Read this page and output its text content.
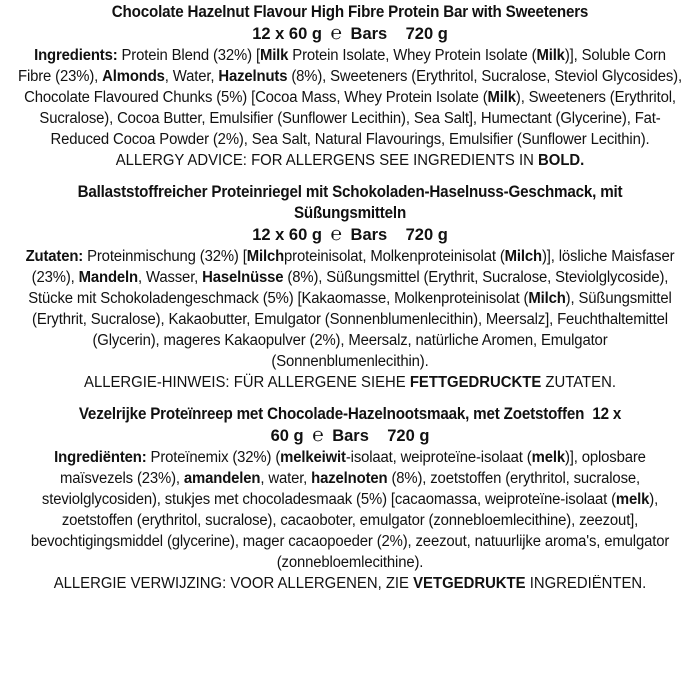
Chocolate Hazelnut Flavour High Fibre Protein Bar with Sweeteners

12 x 60 g ℮ Bars 720 g

Ingredients: Protein Blend (32%) [Milk Protein Isolate, Whey Protein Isolate (Milk)], Soluble Corn Fibre (23%), Almonds, Water, Hazelnuts (8%), Sweeteners (Erythritol, Sucralose, Steviol Glycosides), Chocolate Flavoured Chunks (5%) [Cocoa Mass, Whey Protein Isolate (Milk), Sweeteners (Erythritol, Sucralose), Cocoa Butter, Emulsifier (Sunflower Lecithin), Sea Salt], Humectant (Glycerine), Fat-Reduced Cocoa Powder (2%), Sea Salt, Natural Flavourings, Emulsifier (Sunflower Lecithin).

ALLERGY ADVICE: FOR ALLERGENS SEE INGREDIENTS IN BOLD.

Ballaststoffreicher Proteinriegel mit Schokoladen-Haselnuss-Geschmack, mit Süßungsmitteln

12 x 60 g ℮ Bars 720 g

Zutaten: Proteinmischung (32%) [Milchproteinisolat, Molkenproteinisolat (Milch)], lösliche Maisfaser (23%), Mandeln, Wasser, Haselnüsse (8%), Süßungsmittel (Erythrit, Sucralose, Steviolglycoside), Stücke mit Schokoladengeschmack (5%) [Kakaomasse, Molkenproteinisolat (Milch), Süßungsmittel (Erythrit, Sucralose), Kakaobutter, Emulgator (Sonnenblumenlecithin), Meersalz], Feuchthaltemittel (Glycerin), mageres Kakaopulver (2%), Meersalz, natürliche Aromen, Emulgator (Sonnenblumenlecithin).

ALLERGIE-HINWEIS: FÜR ALLERGENE SIEHE FETTGEDRUCKTE ZUTATEN.

Vezelrijke Proteïnreep met Chocolade-Hazelnootsmaak, met Zoetstoffen 12 x

60 g ℮ Bars 720 g

Ingrediënten: Proteïnemix (32%) (melkeiwit-isolaat, weiproteïne-isolaat (melk)], oplosbare maïsvezels (23%), amandelen, water, hazelnoten (8%), zoetstoffen (erythritol, sucralose, steviolglycosiden), stukjes met chocoladesmaak (5%) [cacaomassa, weiproteïne-isolaat (melk), zoetstoffen (erythritol, sucralose), cacaoboter, emulgator (zonnebloemlecithine), zeezout], bevochtigingsmiddel (glycerine), mager cacaopoeder (2%), zeezout, natuurlijke aroma's, emulgator (zonnebloemlecithine).

ALLERGIE VERWIJZING: VOOR ALLERGENEN, ZIE VETGEDRUKTE INGREDIËNTEN.
